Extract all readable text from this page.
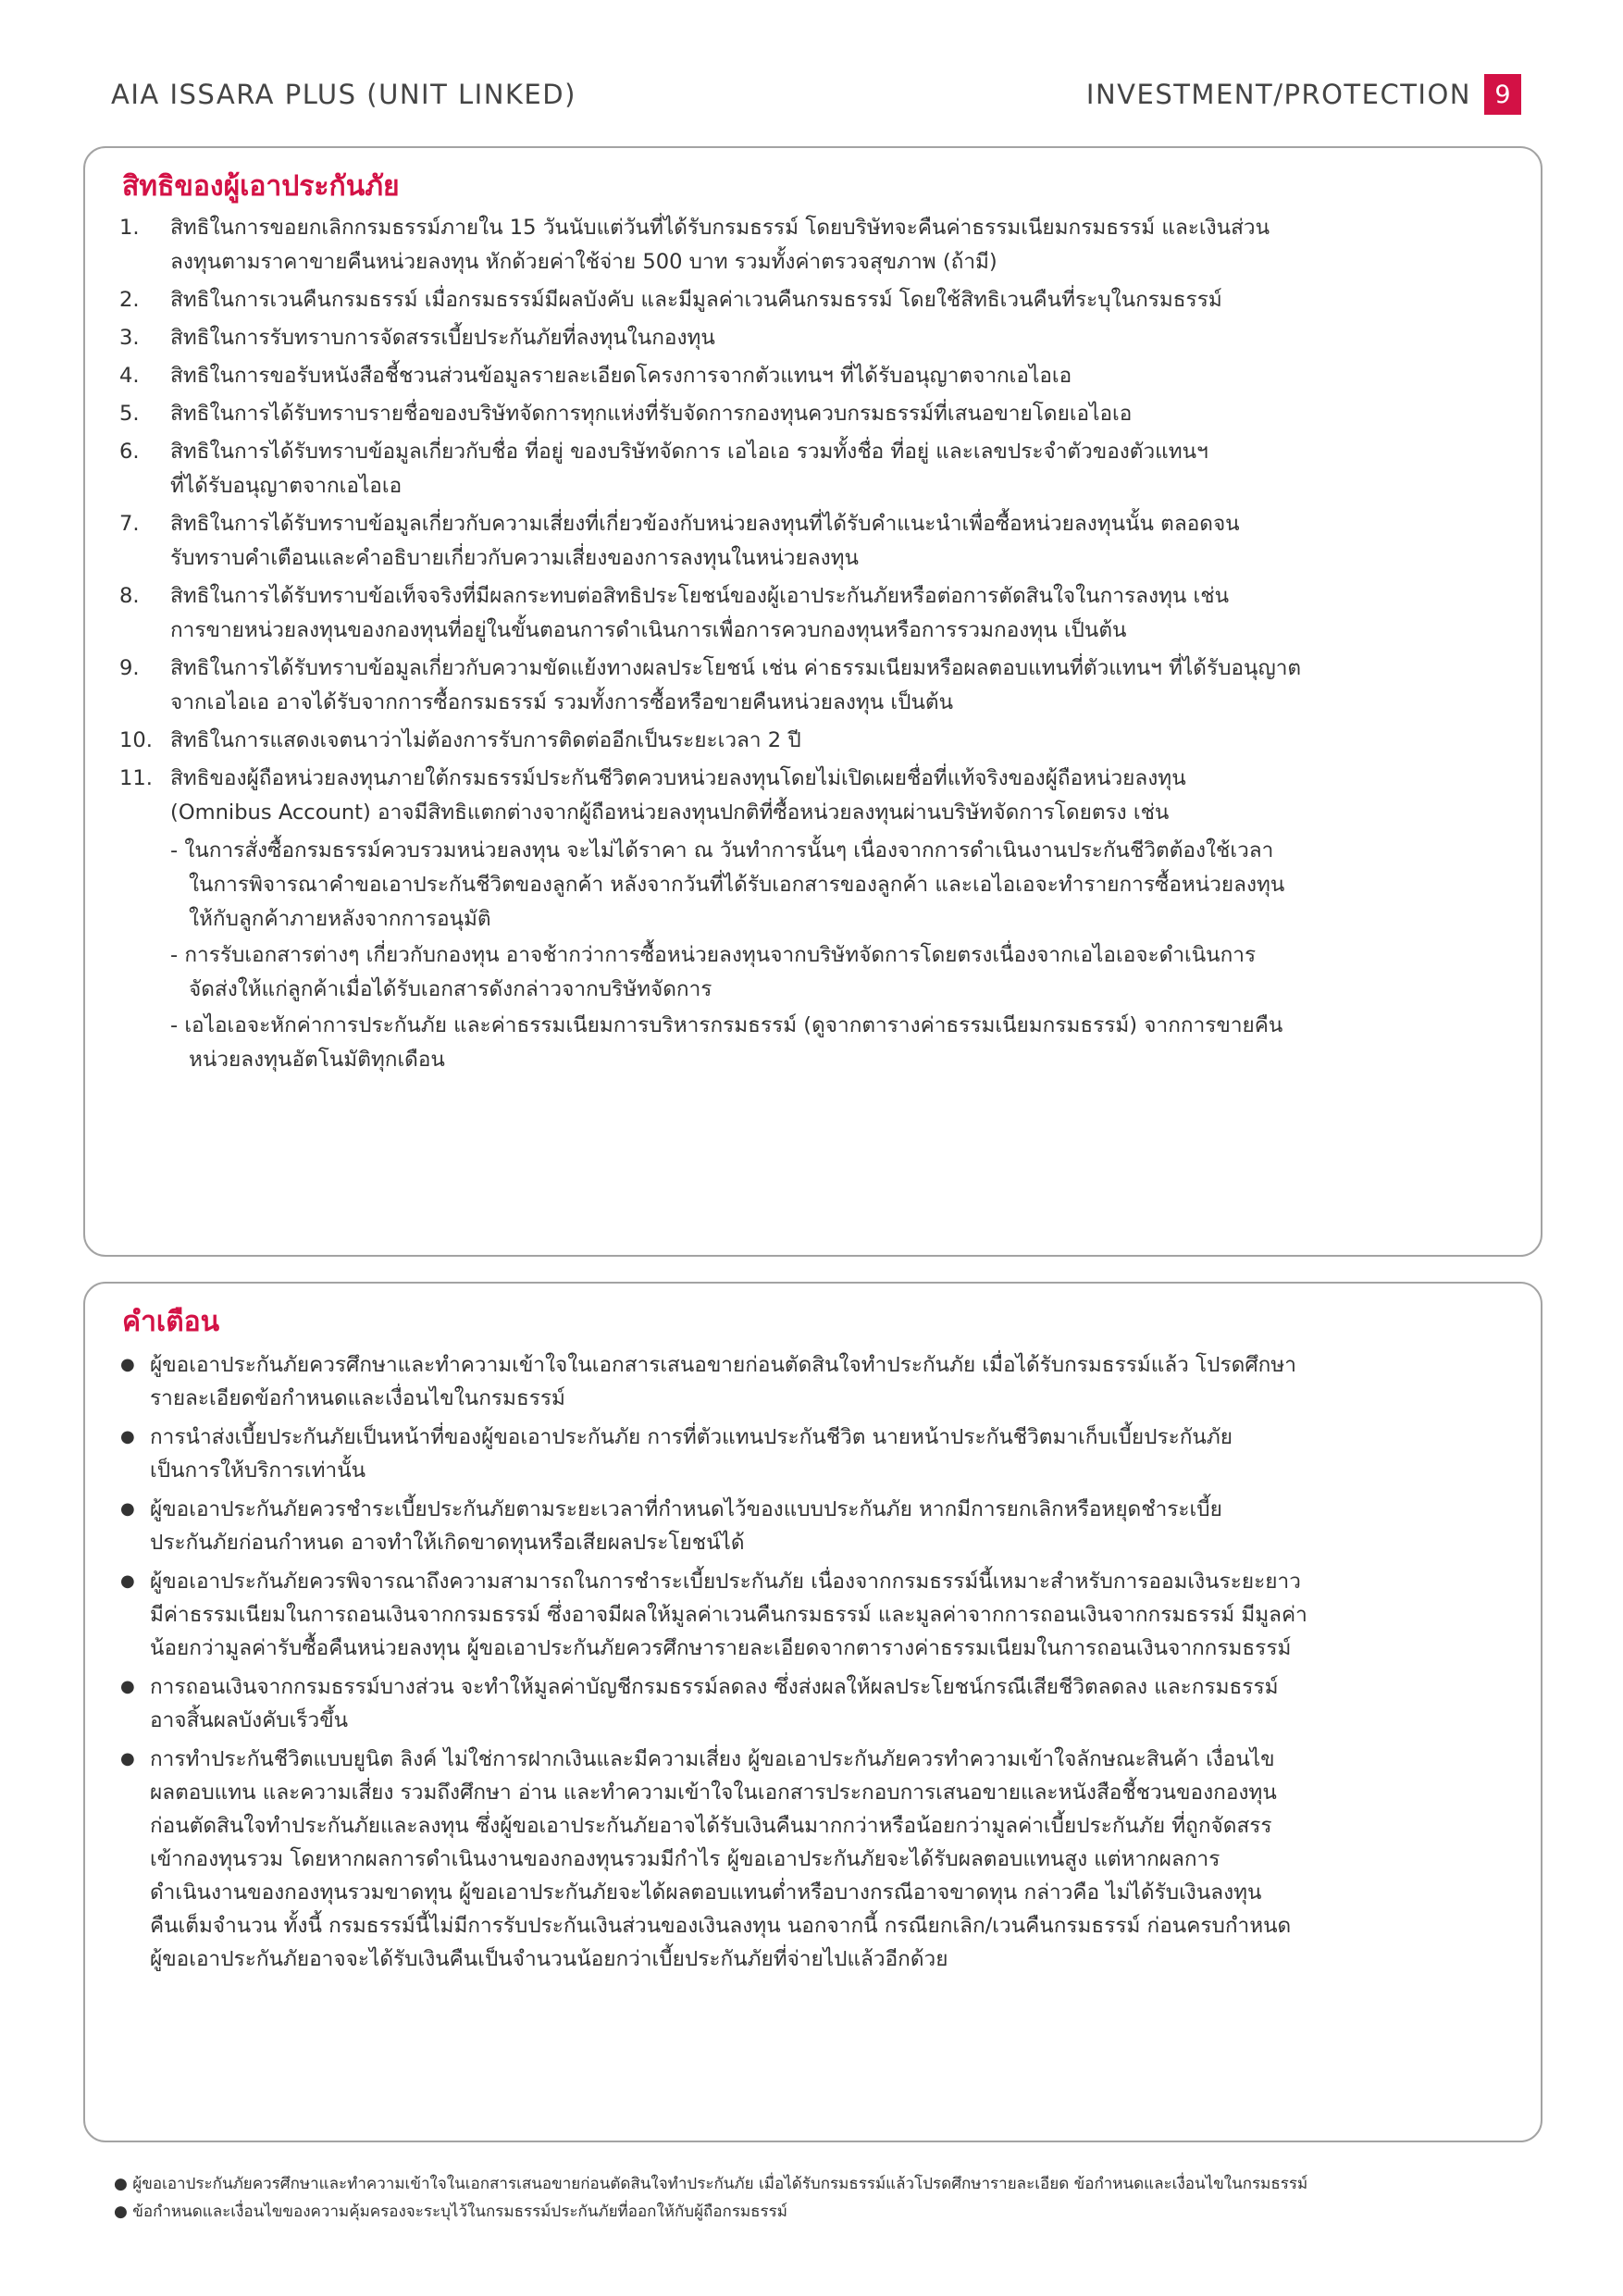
AIA ISSARA PLUS (UNIT LINKED)	INVESTMENT/PROTECTION 9
สิทธิของผู้เอาประกันภัย
1. สิทธิในการขอยกเลิกกรมธรรม์ภายใน 15 วันนับแต่วันที่ได้รับกรมธรรม์ โดยบริษัทจะคืนค่าธรรมเนียมกรมธรรม์ และเงินส่วน
ลงทุนตามราคาขายคืนหน่วยลงทุน หักด้วยค่าใช้จ่าย 500 บาท รวมทั้งค่าตรวจสุขภาพ (ถ้ามี)
2. สิทธิในการเวนคืนกรมธรรม์ เมื่อกรมธรรม์มีผลบังคับ และมีมูลค่าเวนคืนกรมธรรม์ โดยใช้สิทธิเวนคืนที่ระบุในกรมธรรม์
3. สิทธิในการรับทราบการจัดสรรเบี้ยประกันภัยที่ลงทุนในกองทุน
4. สิทธิในการขอรับหนังสือชี้ชวนส่วนข้อมูลรายละเอียดโครงการจากตัวแทนฯ ที่ได้รับอนุญาตจากเอไอเอ
5. สิทธิในการได้รับทราบรายชื่อของบริษัทจัดการทุกแห่งที่รับจัดการกองทุนควบกรมธรรม์ที่เสนอขายโดยเอไอเอ
6. สิทธิในการได้รับทราบข้อมูลเกี่ยวกับชื่อ ที่อยู่ ของบริษัทจัดการ เอไอเอ รวมทั้งชื่อ ที่อยู่ และเลขประจำตัวของตัวแทนฯ
ที่ได้รับอนุญาตจากเอไอเอ
7. สิทธิในการได้รับทราบข้อมูลเกี่ยวกับความเสี่ยงที่เกี่ยวข้องกับหน่วยลงทุนที่ได้รับคำแนะนำเพื่อซื้อหน่วยลงทุนนั้น ตลอดจน
รับทราบคำเตือนและคำอธิบายเกี่ยวกับความเสี่ยงของการลงทุนในหน่วยลงทุน
8. สิทธิในการได้รับทราบข้อเท็จจริงที่มีผลกระทบต่อสิทธิประโยชน์ของผู้เอาประกันภัยหรือต่อการตัดสินใจในการลงทุน เช่น
การขายหน่วยลงทุนของกองทุนที่อยู่ในขั้นตอนการดำเนินการเพื่อการควบกองทุนหรือการรวมกองทุน เป็นต้น
9. สิทธิในการได้รับทราบข้อมูลเกี่ยวกับความขัดแย้งทางผลประโยชน์ เช่น ค่าธรรมเนียมหรือผลตอบแทนที่ตัวแทนฯ ที่ได้รับอนุญาต
จากเอไอเอ อาจได้รับจากการซื้อกรมธรรม์ รวมทั้งการซื้อหรือขายคืนหน่วยลงทุน เป็นต้น
10. สิทธิในการแสดงเจตนาว่าไม่ต้องการรับการติดต่ออีกเป็นระยะเวลา 2 ปี
11. สิทธิของผู้ถือหน่วยลงทุนภายใต้กรมธรรม์ประกันชีวิตควบหน่วยลงทุนโดยไม่เปิดเผยชื่อที่แท้จริงของผู้ถือหน่วยลงทุน
(Omnibus Account) อาจมีสิทธิแตกต่างจากผู้ถือหน่วยลงทุนปกติที่ซื้อหน่วยลงทุนผ่านบริษัทจัดการโดยตรง เช่น
- ในการสั่งซื้อกรมธรรม์ควบรวมหน่วยลงทุน จะไม่ได้ราคา ณ วันทำการนั้นๆ เนื่องจากการดำเนินงานประกันชีวิตต้องใช้เวลา
ในการพิจารณาคำขอเอาประกันชีวิตของลูกค้า หลังจากวันที่ได้รับเอกสารของลูกค้า และเอไอเอจะทำรายการซื้อหน่วยลงทุน
ให้กับลูกค้าภายหลังจากการอนุมัติ
- การรับเอกสารต่างๆ เกี่ยวกับกองทุน อาจช้ากว่าการซื้อหน่วยลงทุนจากบริษัทจัดการโดยตรงเนื่องจากเอไอเอจะดำเนินการ
จัดส่งให้แก่ลูกค้าเมื่อได้รับเอกสารดังกล่าวจากบริษัทจัดการ
- เอไอเอจะหักค่าการประกันภัย และค่าธรรมเนียมการบริหารกรมธรรม์ (ดูจากตารางค่าธรรมเนียมกรมธรรม์) จากการขายคืน
หน่วยลงทุนอัตโนมัติทุกเดือน
คำเตือน
● ผู้ขอเอาประกันภัยควรศึกษาและทำความเข้าใจในเอกสารเสนอขายก่อนตัดสินใจทำประกันภัย เมื่อได้รับกรมธรรม์แล้ว โปรดศึกษา
รายละเอียดข้อกำหนดและเงื่อนไขในกรมธรรม์
● การนำส่งเบี้ยประกันภัยเป็นหน้าที่ของผู้ขอเอาประกันภัย การที่ตัวแทนประกันชีวิต นายหน้าประกันชีวิตมาเก็บเบี้ยประกันภัย
เป็นการให้บริการเท่านั้น
● ผู้ขอเอาประกันภัยควรชำระเบี้ยประกันภัยตามระยะเวลาที่กำหนดไว้ของแบบประกันภัย หากมีการยกเลิกหรือหยุดชำระเบี้ย
ประกันภัยก่อนกำหนด อาจทำให้เกิดขาดทุนหรือเสียผลประโยชน์ได้
● ผู้ขอเอาประกันภัยควรพิจารณาถึงความสามารถในการชำระเบี้ยประกันภัย เนื่องจากกรมธรรม์นี้เหมาะสำหรับการออมเงินระยะยาว
มีค่าธรรมเนียมในการถอนเงินจากกรมธรรม์ ซึ่งอาจมีผลให้มูลค่าเวนคืนกรมธรรม์ และมูลค่าจากการถอนเงินจากกรมธรรม์ มีมูลค่า
น้อยกว่ามูลค่ารับซื้อคืนหน่วยลงทุน ผู้ขอเอาประกันภัยควรศึกษารายละเอียดจากตารางค่าธรรมเนียมในการถอนเงินจากกรมธรรม์
● การถอนเงินจากกรมธรรม์บางส่วน จะทำให้มูลค่าบัญชีกรมธรรม์ลดลง ซึ่งส่งผลให้ผลประโยชน์กรณีเสียชีวิตลดลง และกรมธรรม์
อาจสิ้นผลบังคับเร็วขึ้น
● การทำประกันชีวิตแบบยูนิต ลิงค์ ไม่ใช่การฝากเงินและมีความเสี่ยง ผู้ขอเอาประกันภัยควรทำความเข้าใจลักษณะสินค้า เงื่อนไข
ผลตอบแทน และความเสี่ยง รวมถึงศึกษา อ่าน และทำความเข้าใจในเอกสารประกอบการเสนอขายและหนังสือชี้ชวนของกองทุน
ก่อนตัดสินใจทำประกันภัยและลงทุน ซึ่งผู้ขอเอาประกันภัยอาจได้รับเงินคืนมากกว่าหรือน้อยกว่ามูลค่าเบี้ยประกันภัย ที่ถูกจัดสรร
เข้ากองทุนรวม โดยหากผลการดำเนินงานของกองทุนรวมมีกำไร ผู้ขอเอาประกันภัยจะได้รับผลตอบแทนสูง แต่หากผลการ
ดำเนินงานของกองทุนรวมขาดทุน ผู้ขอเอาประกันภัยจะได้ผลตอบแทนต่ำหรือบางกรณีอาจขาดทุน กล่าวคือ ไม่ได้รับเงินลงทุน
คืนเต็มจำนวน ทั้งนี้ กรมธรรม์นี้ไม่มีการรับประกันเงินส่วนของเงินลงทุน นอกจากนี้ กรณียกเลิก/เวนคืนกรมธรรม์ ก่อนครบกำหนด
ผู้ขอเอาประกันภัยอาจจะได้รับเงินคืนเป็นจำนวนน้อยกว่าเบี้ยประกันภัยที่จ่ายไปแล้วอีกด้วย
● ผู้ขอเอาประกันภัยควรศึกษาและทำความเข้าใจในเอกสารเสนอขายก่อนตัดสินใจทำประกันภัย เมื่อได้รับกรมธรรม์แล้วโปรดศึกษารายละเอียด ข้อกำหนดและเงื่อนไขในกรมธรรม์
● ข้อกำหนดและเงื่อนไขของความคุ้มครองจะระบุไว้ในกรมธรรม์ประกันภัยที่ออกให้กับผู้ถือกรมธรรม์
